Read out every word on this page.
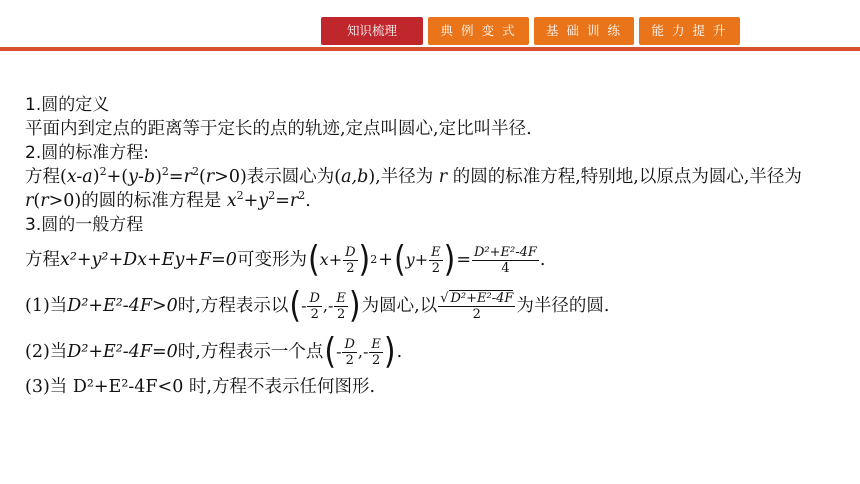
知识梳理	典 例 变 式	基 础 训 练	能 力 提 升
1.圆的定义
平面内到定点的距离等于定长的点的轨迹,定点叫圆心,定比叫半径.
2.圆的标准方程:
方程$(x-a)^2+(y-b)^2=r^2(r>0)$表示圆心为(a,b),半径为 r 的圆的标准方程,特别地,以原点为圆心,半径为 r(r>0)的圆的标准方程是 $x^2+y^2=r^2$.
3.圆的一般方程
方程 x²+y²+Dx+Ey+F=0 可变形为 ( $x+ \frac{D}{2}$ ) 2 + ( $y+ \frac{E}{2}$ ) = $\frac{\text{D²+E²-4F}}{4}$ .
(1)当 D²+E²-4F>0 时,方程表示以 ( - $\frac{D}{2}$ ,- $\frac{E}{2}$ ) 为圆心,以 $\frac{\text{√ D²+E²-4F}}{2}$ 为半径的圆.
(2)当 D²+E²-4F=0 时,方程表示一个点 ( - $\frac{D}{2}$ ,- $\frac{E}{2}$ ) .
(3)当 D²+E²-4F<0 时,方程不表示任何图形.
